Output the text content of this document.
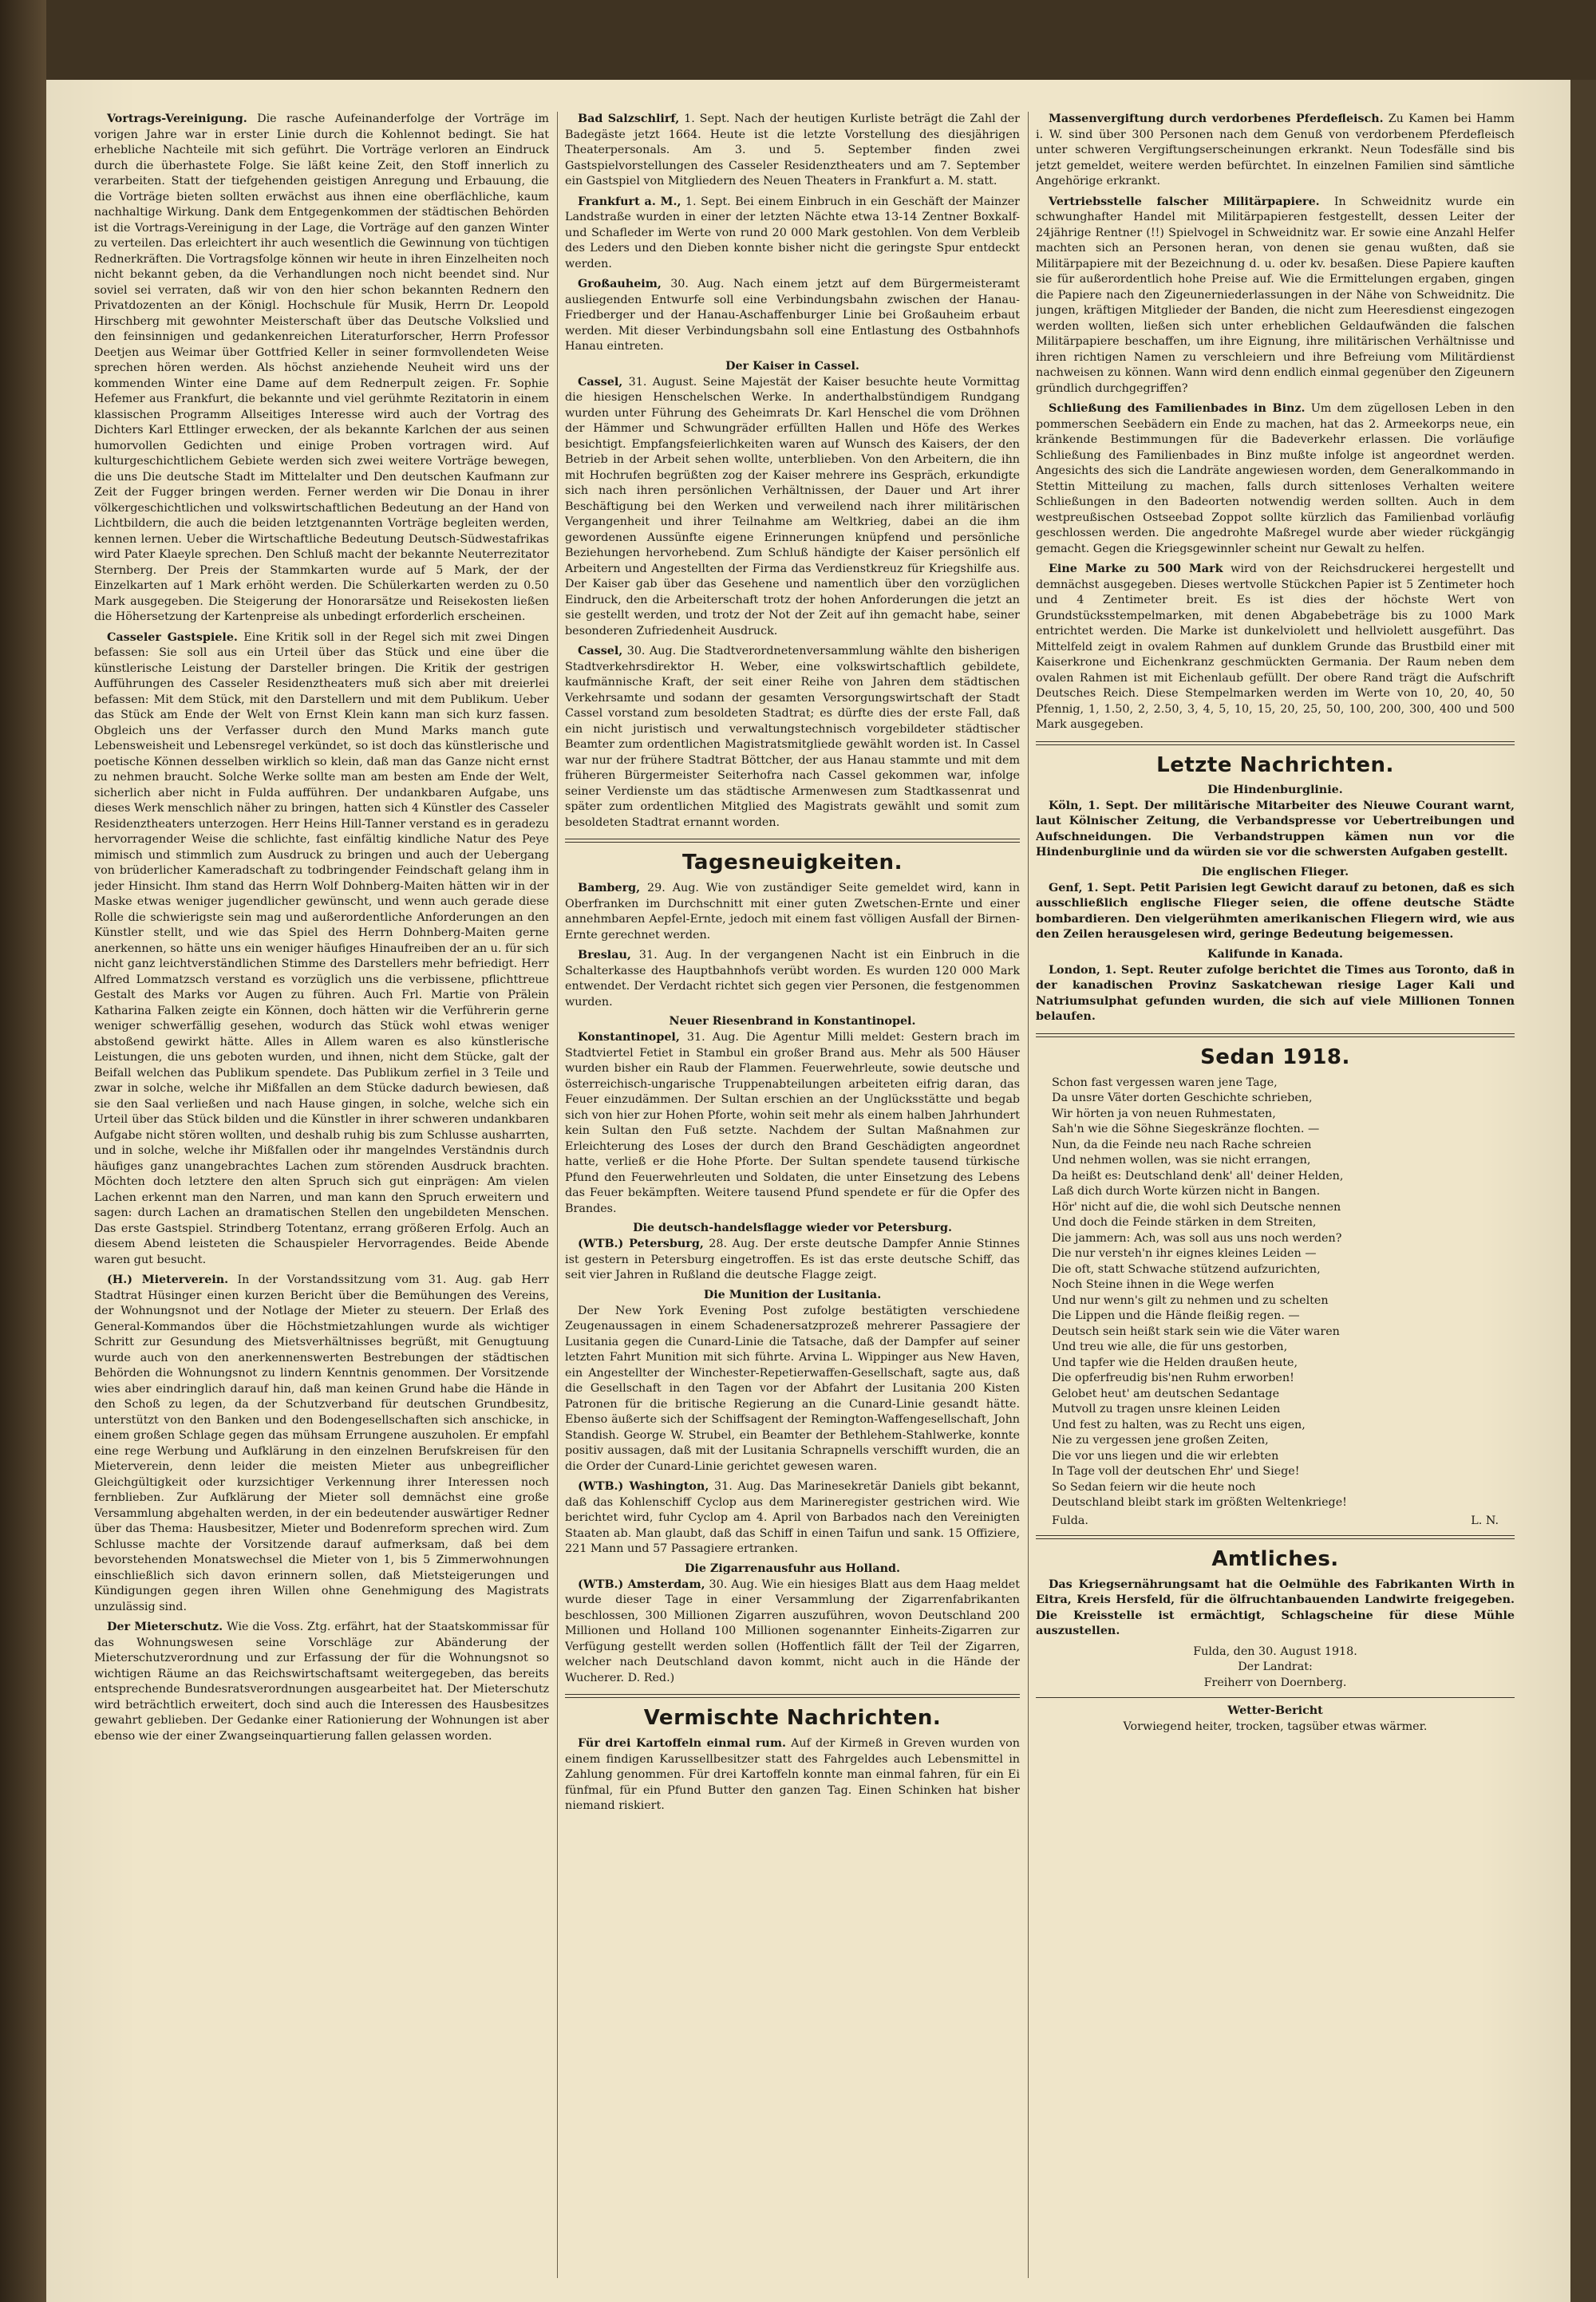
Vortrags-Vereinigung. Die rasche Aufeinanderfolge der Vorträge im vorigen Jahre war in erster Linie durch die Kohlennot bedingt. Sie hat erhebliche Nachteile mit sich geführt. Die Vorträge verloren an Eindruck durch die überhastete Folge. Sie läßt keine Zeit, den Stoff innerlich zu verarbeiten. Statt der tiefgehenden geistigen Anregung und Erbauung, die die Vorträge bieten sollten erwächst aus ihnen eine oberflächliche, kaum nachhaltige Wirkung. Dank dem Entgegenkommen der städtischen Behörden ist die Vortrags-Vereinigung in der Lage, die Vorträge auf den ganzen Winter zu verteilen. Das erleichtert ihr auch wesentlich die Gewinnung von tüchtigen Rednerkräften. Die Vortragsfolge können wir heute in ihren Einzelheiten noch nicht bekannt geben, da die Verhandlungen noch nicht beendet sind. Nur soviel sei verraten, daß wir von den hier schon bekannten Rednern den Privatdozenten an der Königl. Hochschule für Musik, Herrn Dr. Leopold Hirschberg mit gewohnter Meisterschaft über das Deutsche Volkslied und den feinsinnigen und gedankenreichen Literaturforscher, Herrn Professor Deetjen aus Weimar über Gottfried Keller in seiner formvollendeten Weise sprechen hören werden. Als höchst anziehende Neuheit wird uns der kommenden Winter eine Dame auf dem Rednerpult zeigen. Fr. Sophie Hefemer aus Frankfurt, die bekannte und viel gerühmte Rezitatorin in einem klassischen Programm Allseitiges Interesse wird auch der Vortrag des Dichters Karl Ettlinger erwecken, der als bekannte Karlchen der aus seinen humorvollen Gedichten und einige Proben vortragen wird. Auf kulturgeschichtlichem Gebiete werden sich zwei weitere Vorträge bewegen, die uns Die deutsche Stadt im Mittelalter und Den deutschen Kaufmann zur Zeit der Fugger bringen werden. Ferner werden wir Die Donau in ihrer völkergeschichtlichen und volkswirtschaftlichen Bedeutung an der Hand von Lichtbildern, die auch die beiden letztgenannten Vorträge begleiten werden, kennen lernen. Ueber die Wirtschaftliche Bedeutung Deutsch-Südwestafrikas wird Pater Klaeyle sprechen. Den Schluß macht der bekannte Neuterrezitator Sternberg. Der Preis der Stammkarten wurde auf 5 Mark, der der Einzelkarten auf 1 Mark erhöht werden. Die Schülerkarten werden zu 0.50 Mark ausgegeben. Die Steigerung der Honorarsätze und Reisekosten ließen die Höhersetzung der Kartenpreise als unbedingt erforderlich erscheinen.

Casseler Gastspiele. Eine Kritik soll in der Regel sich mit zwei Dingen befassen: Sie soll aus ein Urteil über das Stück und eine über die künstlerische Leistung der Darsteller bringen. Die Kritik der gestrigen Aufführungen des Casseler Residenztheaters muß sich aber mit dreierlei befassen: Mit dem Stück, mit den Darstellern und mit dem Publikum. Ueber das Stück am Ende der Welt von Ernst Klein kann man sich kurz fassen. Obgleich uns der Verfasser durch den Mund Marks manch gute Lebensweisheit und Lebensregel verkündet, so ist doch das künstlerische und poetische Können desselben wirklich so klein, daß man das Ganze nicht ernst zu nehmen braucht. Solche Werke sollte man am besten am Ende der Welt, sicherlich aber nicht in Fulda aufführen. Der undankbaren Aufgabe, uns dieses Werk menschlich näher zu bringen, hatten sich 4 Künstler des Casseler Residenztheaters unterzogen. Herr Heins Hill-Tanner verstand es in geradezu hervorragender Weise die schlichte, fast einfältig kindliche Natur des Peye mimisch und stimmlich zum Ausdruck zu bringen und auch der Uebergang von brüderlicher Kameradschaft zu todbringender Feindschaft gelang ihm in jeder Hinsicht. Ihm stand das Herrn Wolf Dohnberg-Maiten hätten wir in der Maske etwas weniger jugendlicher gewünscht, und wenn auch gerade diese Rolle die schwierigste sein mag und außerordentliche Anforderungen an den Künstler stellt, und wie das Spiel des Herrn Dohnberg-Maiten gerne anerkennen, so hätte uns ein weniger häufiges Hinaufreiben der an u. für sich nicht ganz leichtverständlichen Stimme des Darstellers mehr befriedigt. Herr Alfred Lommatzsch verstand es vorzüglich uns die verbissene, pflichttreue Gestalt des Marks vor Augen zu führen. Auch Frl. Martie von Prälein Katharina Falken zeigte ein Können, doch hätten wir die Verführerin gerne weniger schwerfällig gesehen, wodurch das Stück wohl etwas weniger abstoßend gewirkt hätte. Alles in Allem waren es also künstlerische Leistungen, die uns geboten wurden, und ihnen, nicht dem Stücke, galt der Beifall welchen das Publikum spendete. Das Publikum zerfiel in 3 Teile und zwar in solche, welche ihr Mißfallen an dem Stücke dadurch bewiesen, daß sie den Saal verließen und nach Hause gingen, in solche, welche sich ein Urteil über das Stück bilden und die Künstler in ihrer schweren undankbaren Aufgabe nicht stören wollten, und deshalb ruhig bis zum Schlusse ausharrten, und in solche, welche ihr Mißfallen oder ihr mangelndes Verständnis durch häufiges ganz unangebrachtes Lachen zum störenden Ausdruck brachten. Möchten doch letztere den alten Spruch sich gut einprägen: Am vielen Lachen erkennt man den Narren, und man kann den Spruch erweitern und sagen: durch Lachen an dramatischen Stellen den ungebildeten Menschen. Das erste Gastspiel. Strindberg Totentanz, errang größeren Erfolg. Auch an diesem Abend leisteten die Schauspieler Hervorragendes. Beide Abende waren gut besucht.

(H.) Mieterverein. In der Vorstandssitzung vom 31. Aug. gab Herr Stadtrat Hüsinger einen kurzen Bericht über die Bemühungen des Vereins, der Wohnungsnot und der Notlage der Mieter zu steuern. Der Erlaß des General-Kommandos über die Höchstmietzahlungen wurde als wichtiger Schritt zur Gesundung des Mietsverhältnisses begrüßt, mit Genugtuung wurde auch von den anerkennenswerten Bestrebungen der städtischen Behörden die Wohnungsnot zu lindern Kenntnis genommen. Der Vorsitzende wies aber eindringlich darauf hin, daß man keinen Grund habe die Hände in den Schoß zu legen, da der Schutzverband für deutschen Grundbesitz, unterstützt von den Banken und den Bodengesellschaften sich anschicke, in einem großen Schlage gegen das mühsam Errungene auszuholen. Er empfahl eine rege Werbung und Aufklärung in den einzelnen Berufskreisen für den Mieterverein, denn leider die meisten Mieter aus unbegreiflicher Gleichgültigkeit oder kurzsichtiger Verkennung ihrer Interessen noch fernblieben. Zur Aufklärung der Mieter soll demnächst eine große Versammlung abgehalten werden, in der ein bedeutender auswärtiger Redner über das Thema: Hausbesitzer, Mieter und Bodenreform sprechen wird. Zum Schlusse machte der Vorsitzende darauf aufmerksam, daß bei dem bevorstehenden Monatswechsel die Mieter von 1, bis 5 Zimmerwohnungen einschließlich sich davon erinnern sollen, daß Mietsteigerungen und Kündigungen gegen ihren Willen ohne Genehmigung des Magistrats unzulässig sind.

Der Mieterschutz. Wie die Voss. Ztg. erfährt, hat der Staatskommissar für das Wohnungswesen seine Vorschläge zur Abänderung der Mieterschutzverordnung und zur Erfassung der für die Wohnungsnot so wichtigen Räume an das Reichswirtschaftsamt weitergegeben, das bereits entsprechende Bundesratsverordnungen ausgearbeitet hat. Der Mieterschutz wird beträchtlich erweitert, doch sind auch die Interessen des Hausbesitzes gewahrt geblieben. Der Gedanke einer Rationierung der Wohnungen ist aber ebenso wie der einer Zwangseinquartierung fallen gelassen worden.

Bad Salzschlirf, 1. Sept. Nach der heutigen Kurliste beträgt die Zahl der Badegäste jetzt 1664. Heute ist die letzte Vorstellung des diesjährigen Theaterpersonals. Am 3. und 5. September finden zwei Gastspielvorstellungen des Casseler Residenztheaters und am 7. September ein Gastspiel von Mitgliedern des Neuen Theaters in Frankfurt a. M. statt.

Frankfurt a. M., 1. Sept. Bei einem Einbruch in ein Geschäft der Mainzer Landstraße wurden in einer der letzten Nächte etwa 13-14 Zentner Boxkalf- und Schafleder im Werte von rund 20 000 Mark gestohlen. Von dem Verbleib des Leders und den Dieben konnte bisher nicht die geringste Spur entdeckt werden.

Großauheim, 30. Aug. Nach einem jetzt auf dem Bürgermeisteramt ausliegenden Entwurfe soll eine Verbindungsbahn zwischen der Hanau-Friedberger und der Hanau-Aschaffenburger Linie bei Großauheim erbaut werden. Mit dieser Verbindungsbahn soll eine Entlastung des Ostbahnhofs Hanau eintreten.

Der Kaiser in Cassel.

Cassel, 31. August. Seine Majestät der Kaiser besuchte heute Vormittag die hiesigen Henschelschen Werke. In anderthalbstündigem Rundgang wurden unter Führung des Geheimrats Dr. Karl Henschel die vom Dröhnen der Hämmer und Schwungräder erfüllten Hallen und Höfe des Werkes besichtigt. Empfangsfeierlichkeiten waren auf Wunsch des Kaisers, der den Betrieb in der Arbeit sehen wollte, unterblieben. Von den Arbeitern, die ihn mit Hochrufen begrüßten zog der Kaiser mehrere ins Gespräch, erkundigte sich nach ihren persönlichen Verhältnissen, der Dauer und Art ihrer Beschäftigung bei den Werken und verweilend nach ihrer militärischen Vergangenheit und ihrer Teilnahme am Weltkrieg, dabei an die ihm gewordenen Aussünfte eigene Erinnerungen knüpfend und persönliche Beziehungen hervorhebend. Zum Schluß händigte der Kaiser persönlich elf Arbeitern und Angestellten der Firma das Verdienstkreuz für Kriegshilfe aus. Der Kaiser gab über das Gesehene und namentlich über den vorzüglichen Eindruck, den die Arbeiterschaft trotz der hohen Anforderungen die jetzt an sie gestellt werden, und trotz der Not der Zeit auf ihn gemacht habe, seiner besonderen Zufriedenheit Ausdruck.

Cassel, 30. Aug. Die Stadtverordnetenversammlung wählte den bisherigen Stadtverkehrsdirektor H. Weber, eine volkswirtschaftlich gebildete, kaufmännische Kraft, der seit einer Reihe von Jahren dem städtischen Verkehrsamte und sodann der gesamten Versorgungswirtschaft der Stadt Cassel vorstand zum besoldeten Stadtrat; es dürfte dies der erste Fall, daß ein nicht juristisch und verwaltungstechnisch vorgebildeter städtischer Beamter zum ordentlichen Magistratsmitgliede gewählt worden ist. In Cassel war nur der frühere Stadtrat Böttcher, der aus Hanau stammte und mit dem früheren Bürgermeister Seiterhofra nach Cassel gekommen war, infolge seiner Verdienste um das städtische Armenwesen zum Stadtkassenrat und später zum ordentlichen Mitglied des Magistrats gewählt und somit zum besoldeten Stadtrat ernannt worden.

Tagesneuigkeiten.

Bamberg, 29. Aug. Wie von zuständiger Seite gemeldet wird, kann in Oberfranken im Durchschnitt mit einer guten Zwetschen-Ernte und einer annehmbaren Aepfel-Ernte, jedoch mit einem fast völligen Ausfall der Birnen-Ernte gerechnet werden.

Breslau, 31. Aug. In der vergangenen Nacht ist ein Einbruch in die Schalterkasse des Hauptbahnhofs verübt worden. Es wurden 120 000 Mark entwendet. Der Verdacht richtet sich gegen vier Personen, die festgenommen wurden.

Neuer Riesenbrand in Konstantinopel.

Konstantinopel, 31. Aug. Die Agentur Milli meldet: Gestern brach im Stadtviertel Fetiet in Stambul ein großer Brand aus. Mehr als 500 Häuser wurden bisher ein Raub der Flammen. Feuerwehrleute, sowie deutsche und österreichisch-ungarische Truppenabteilungen arbeiteten eifrig daran, das Feuer einzudämmen. Der Sultan erschien an der Unglücksstätte und begab sich von hier zur Hohen Pforte, wohin seit mehr als einem halben Jahrhundert kein Sultan den Fuß setzte. Nachdem der Sultan Maßnahmen zur Erleichterung des Loses der durch den Brand Geschädigten angeordnet hatte, verließ er die Hohe Pforte. Der Sultan spendete tausend türkische Pfund den Feuerwehrleuten und Soldaten, die unter Einsetzung des Lebens das Feuer bekämpften. Weitere tausend Pfund spendete er für die Opfer des Brandes.

Die deutsch-handelsflagge wieder vor Petersburg.

(WTB.) Petersburg, 28. Aug. Der erste deutsche Dampfer Annie Stinnes ist gestern in Petersburg eingetroffen. Es ist das erste deutsche Schiff, das seit vier Jahren in Rußland die deutsche Flagge zeigt.

Die Munition der Lusitania.

Der New York Evening Post zufolge bestätigten verschiedene Zeugenaussagen in einem Schadenersatzprozeß mehrerer Passagiere der Lusitania gegen die Cunard-Linie die Tatsache, daß der Dampfer auf seiner letzten Fahrt Munition mit sich führte. Arvina L. Wippinger aus New Haven, ein Angestellter der Winchester-Repetierwaffen-Gesellschaft, sagte aus, daß die Gesellschaft in den Tagen vor der Abfahrt der Lusitania 200 Kisten Patronen für die britische Regierung an die Cunard-Linie gesandt hätte. Ebenso äußerte sich der Schiffsagent der Remington-Waffengesellschaft, John Standish. George W. Strubel, ein Beamter der Bethlehem-Stahlwerke, konnte positiv aussagen, daß mit der Lusitania Schrapnells verschifft wurden, die an die Order der Cunard-Linie gerichtet gewesen waren.

(WTB.) Washington, 31. Aug. Das Marinesekretär Daniels gibt bekannt, daß das Kohlenschiff Cyclop aus dem Marineregister gestrichen wird. Wie berichtet wird, fuhr Cyclop am 4. April von Barbados nach den Vereinigten Staaten ab. Man glaubt, daß das Schiff in einen Taifun und sank. 15 Offiziere, 221 Mann und 57 Passagiere ertranken.

Die Zigarrenausfuhr aus Holland.

(WTB.) Amsterdam, 30. Aug. Wie ein hiesiges Blatt aus dem Haag meldet wurde dieser Tage in einer Versammlung der Zigarrenfabrikanten beschlossen, 300 Millionen Zigarren auszuführen, wovon Deutschland 200 Millionen und Holland 100 Millionen sogenannter Einheits-Zigarren zur Verfügung gestellt werden sollen (Hoffentlich fällt der Teil der Zigarren, welcher nach Deutschland davon kommt, nicht auch in die Hände der Wucherer. D. Red.)

Vermischte Nachrichten.

Für drei Kartoffeln einmal rum. Auf der Kirmeß in Greven wurden von einem findigen Karussellbesitzer statt des Fahrgeldes auch Lebensmittel in Zahlung genommen. Für drei Kartoffeln konnte man einmal fahren, für ein Ei fünfmal, für ein Pfund Butter den ganzen Tag. Einen Schinken hat bisher niemand riskiert.

Massenvergiftung durch verdorbenes Pferdefleisch. Zu Kamen bei Hamm i. W. sind über 300 Personen nach dem Genuß von verdorbenem Pferdefleisch unter schweren Vergiftungserscheinungen erkrankt. Neun Todesfälle sind bis jetzt gemeldet, weitere werden befürchtet. In einzelnen Familien sind sämtliche Angehörige erkrankt.

Vertriebsstelle falscher Militärpapiere. In Schweidnitz wurde ein schwunghafter Handel mit Militärpapieren festgestellt, dessen Leiter der 24jährige Rentner (!!) Spielvogel in Schweidnitz war. Er sowie eine Anzahl Helfer machten sich an Personen heran, von denen sie genau wußten, daß sie Militärpapiere mit der Bezeichnung d. u. oder kv. besaßen. Diese Papiere kauften sie für außerordentlich hohe Preise auf. Wie die Ermittelungen ergaben, gingen die Papiere nach den Zigeunerniederlassungen in der Nähe von Schweidnitz. Die jungen, kräftigen Mitglieder der Banden, die nicht zum Heeresdienst eingezogen werden wollten, ließen sich unter erheblichen Geldaufwänden die falschen Militärpapiere beschaffen, um ihre Eignung, ihre militärischen Verhältnisse und ihren richtigen Namen zu verschleiern und ihre Befreiung vom Militärdienst nachweisen zu können. Wann wird denn endlich einmal gegenüber den Zigeunern gründlich durchgegriffen?

Schließung des Familienbades in Binz. Um dem zügellosen Leben in den pommerschen Seebädern ein Ende zu machen, hat das 2. Armeekorps neue, ein kränkende Bestimmungen für die Badeverkehr erlassen. Die vorläufige Schließung des Familienbades in Binz mußte infolge ist angeordnet werden. Angesichts des sich die Landräte angewiesen worden, dem Generalkommando in Stettin Mitteilung zu machen, falls durch sittenloses Verhalten weitere Schließungen in den Badeorten notwendig werden sollten. Auch in dem westpreußischen Ostseebad Zoppot sollte kürzlich das Familienbad vorläufig geschlossen werden. Die angedrohte Maßregel wurde aber wieder rückgängig gemacht. Gegen die Kriegsgewinnler scheint nur Gewalt zu helfen.

Eine Marke zu 500 Mark wird von der Reichsdruckerei hergestellt und demnächst ausgegeben. Dieses wertvolle Stückchen Papier ist 5 Zentimeter hoch und 4 Zentimeter breit. Es ist dies der höchste Wert von Grundstücksstempelmarken, mit denen Abgabebeträge bis zu 1000 Mark entrichtet werden. Die Marke ist dunkelviolett und hellviolett ausgeführt. Das Mittelfeld zeigt in ovalem Rahmen auf dunklem Grunde das Brustbild einer mit Kaiserkrone und Eichenkranz geschmückten Germania. Der Raum neben dem ovalen Rahmen ist mit Eichenlaub gefüllt. Der obere Rand trägt die Aufschrift Deutsches Reich. Diese Stempelmarken werden im Werte von 10, 20, 40, 50 Pfennig, 1, 1.50, 2, 2.50, 3, 4, 5, 10, 15, 20, 25, 50, 100, 200, 300, 400 und 500 Mark ausgegeben.

Letzte Nachrichten.
Die Hindenburglinie.

Köln, 1. Sept. Der militärische Mitarbeiter des Nieuwe Courant warnt, laut Kölnischer Zeitung, die Verbandspresse vor Uebertreibungen und Aufschneidungen. Die Verbandstruppen kämen nun vor die Hindenburglinie und da würden sie vor die schwersten Aufgaben gestellt.

Die englischen Flieger.

Genf, 1. Sept. Petit Parisien legt Gewicht darauf zu betonen, daß es sich ausschließlich englische Flieger seien, die offene deutsche Städte bombardieren. Den vielgerühmten amerikanischen Fliegern wird, wie aus den Zeilen herausgelesen wird, geringe Bedeutung beigemessen.

Kalifunde in Kanada.

London, 1. Sept. Reuter zufolge berichtet die Times aus Toronto, daß in der kanadischen Provinz Saskatchewan riesige Lager Kali und Natriumsulphat gefunden wurden, die sich auf viele Millionen Tonnen belaufen.

Sedan 1918.
Schon fast vergessen waren jene Tage,
Da unsre Väter dorten Geschichte schrieben,
Wir hörten ja von neuen Ruhmestaten,
Sah'n wie die Söhne Siegeskränze flochten. —
Nun, da die Feinde neu nach Rache schreien
Und nehmen wollen, was sie nicht errangen,
Da heißt es: Deutschland denk' all' deiner Helden,
Laß dich durch Worte kürzen nicht in Bangen.
Hör' nicht auf die, die wohl sich Deutsche nennen
Und doch die Feinde stärken in dem Streiten,
Die jammern: Ach, was soll aus uns noch werden?
Die nur versteh'n ihr eignes kleines Leiden —
Die oft, statt Schwache stützend aufzurichten,
Noch Steine ihnen in die Wege werfen
Und nur wenn's gilt zu nehmen und zu schelten
Die Lippen und die Hände fleißig regen. —
Deutsch sein heißt stark sein wie die Väter waren
Und treu wie alle, die für uns gestorben,
Und tapfer wie die Helden draußen heute,
Die opferfreudig bis'nen Ruhm erworben!
Gelobet heut' am deutschen Sedantage
Mutvoll zu tragen unsre kleinen Leiden
Und fest zu halten, was zu Recht uns eigen,
Nie zu vergessen jene großen Zeiten,
Die vor uns liegen und die wir erlebten
In Tage voll der deutschen Ehr' und Siege!
So Sedan feiern wir die heute noch
Deutschland bleibt stark im größten Weltenkriege!
Fulda.	L. N.
Amtliches.

Das Kriegsernährungsamt hat die Oelmühle des Fabrikanten Wirth in Eitra, Kreis Hersfeld, für die ölfruchtanbauenden Landwirte freigegeben. Die Kreisstelle ist ermächtigt, Schlagscheine für diese Mühle auszustellen.

Fulda, den 30. August 1918.
Der Landrat:
Freiherr von Doernberg.
Wetter-Bericht
Vorwiegend heiter, trocken, tagsüber etwas wärmer.
